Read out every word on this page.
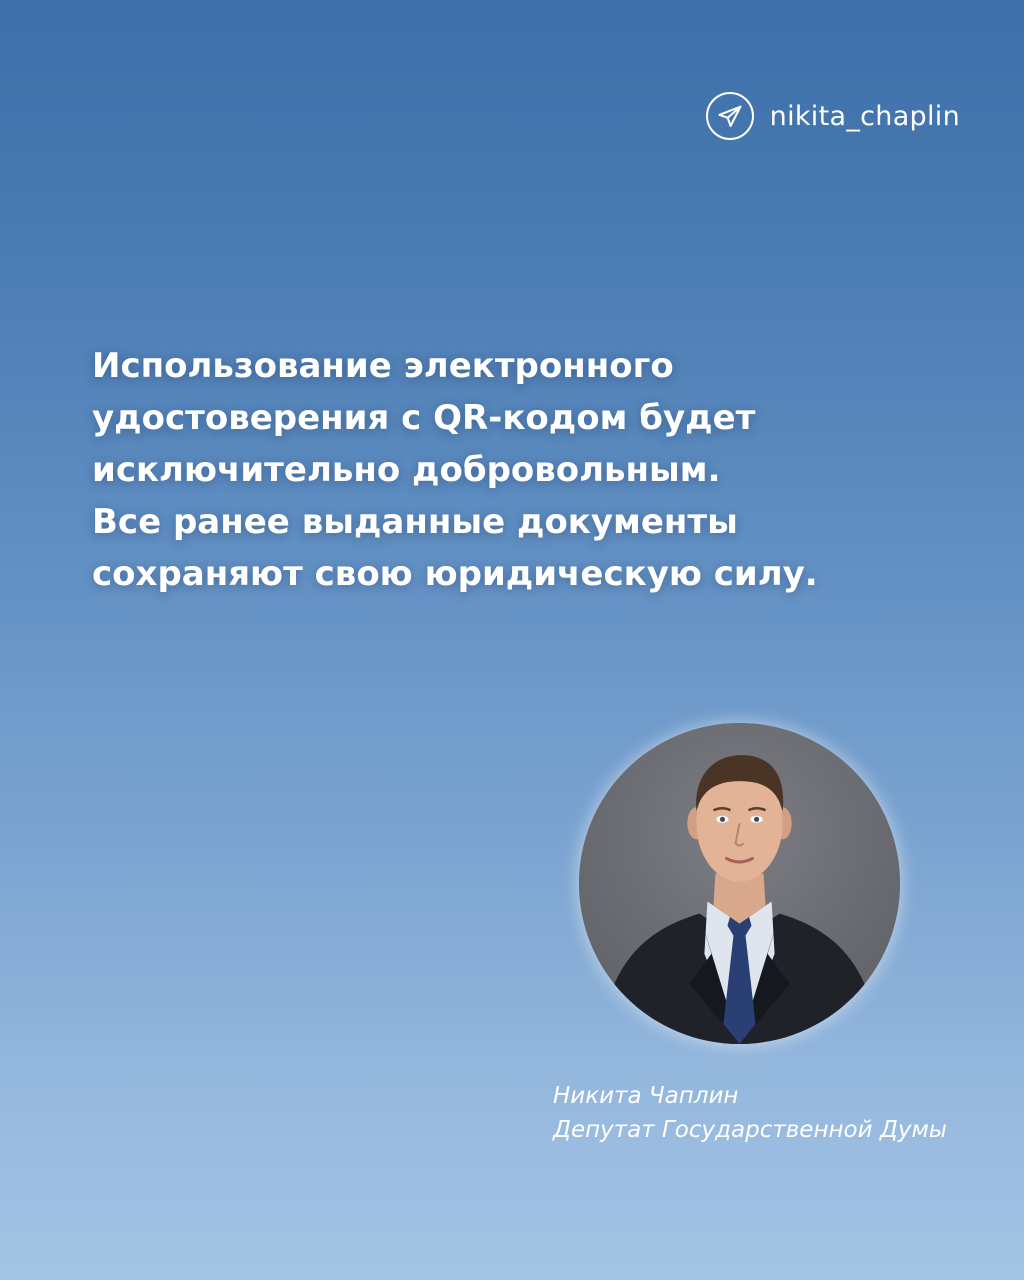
nikita_chaplin

Использование электронного
удостоверения с QR-кодом будет
исключительно добровольным.
Все ранее выданные документы
сохраняют свою юридическую силу.

Никита Чаплин
Депутат Государственной Думы
